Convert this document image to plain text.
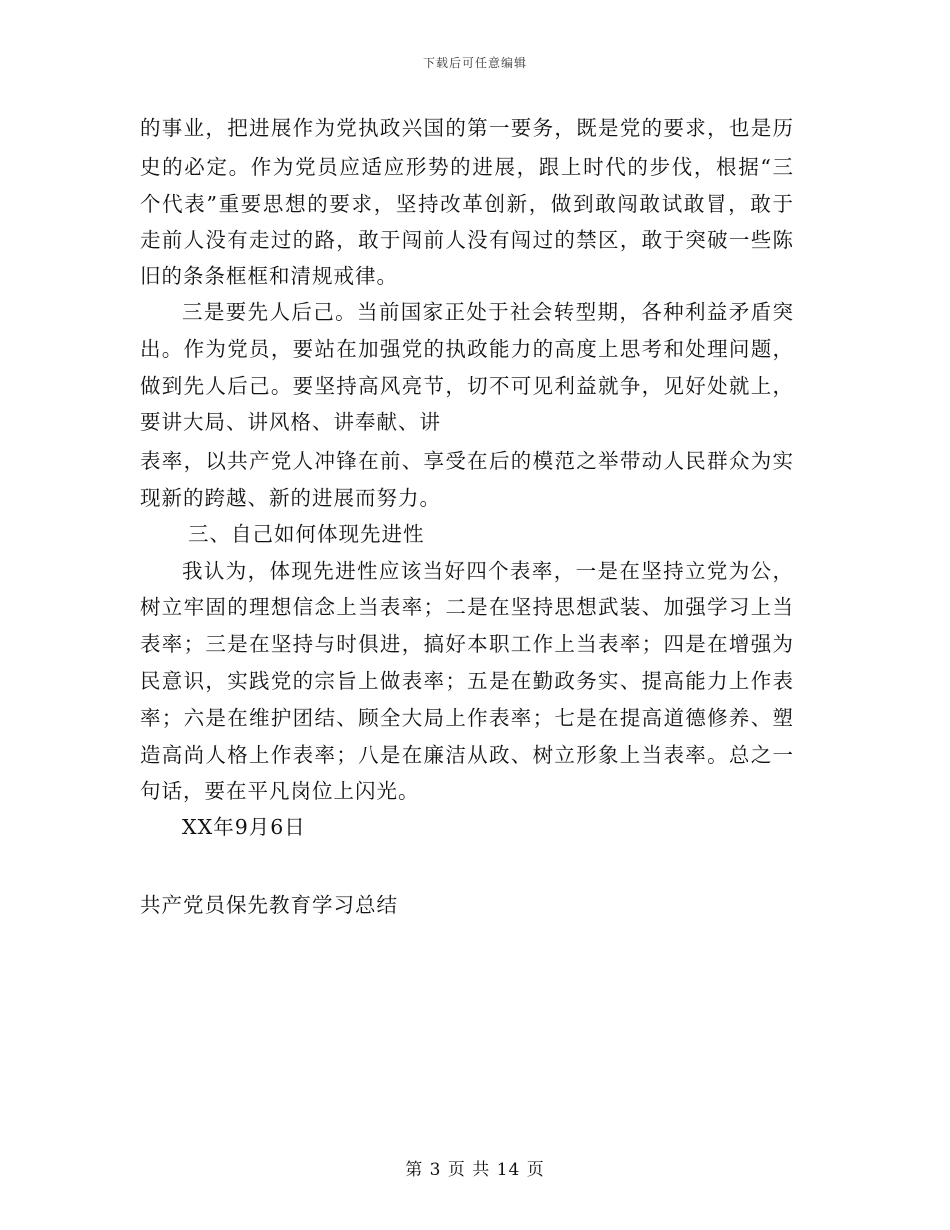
下载后可任意编辑
的事业，把进展作为党执政兴国的第一要务，既是党的要求，也是历
史的必定。作为党员应适应形势的进展，跟上时代的步伐，根据“三
个代表”重要思想的要求，坚持改革创新，做到敢闯敢试敢冒，敢于
走前人没有走过的路，敢于闯前人没有闯过的禁区，敢于突破一些陈
旧的条条框框和清规戒律。
三是要先人后己。当前国家正处于社会转型期，各种利益矛盾突
出。作为党员，要站在加强党的执政能力的高度上思考和处理问题，
做到先人后己。要坚持高风亮节，切不可见利益就争，见好处就上，
要讲大局、讲风格、讲奉献、讲
表率，以共产党人冲锋在前、享受在后的模范之举带动人民群众为实
现新的跨越、新的进展而努力。
三、自己如何体现先进性
我认为，体现先进性应该当好四个表率，一是在坚持立党为公，
树立牢固的理想信念上当表率；二是在坚持思想武装、加强学习上当
表率；三是在坚持与时俱进，搞好本职工作上当表率；四是在增强为
民意识，实践党的宗旨上做表率；五是在勤政务实、提高能力上作表
率；六是在维护团结、顾全大局上作表率；七是在提高道德修养、塑
造高尚人格上作表率；八是在廉洁从政、树立形象上当表率。总之一
句话，要在平凡岗位上闪光。
XX年9月6日
共产党员保先教育学习总结
第 3 页 共 14 页
